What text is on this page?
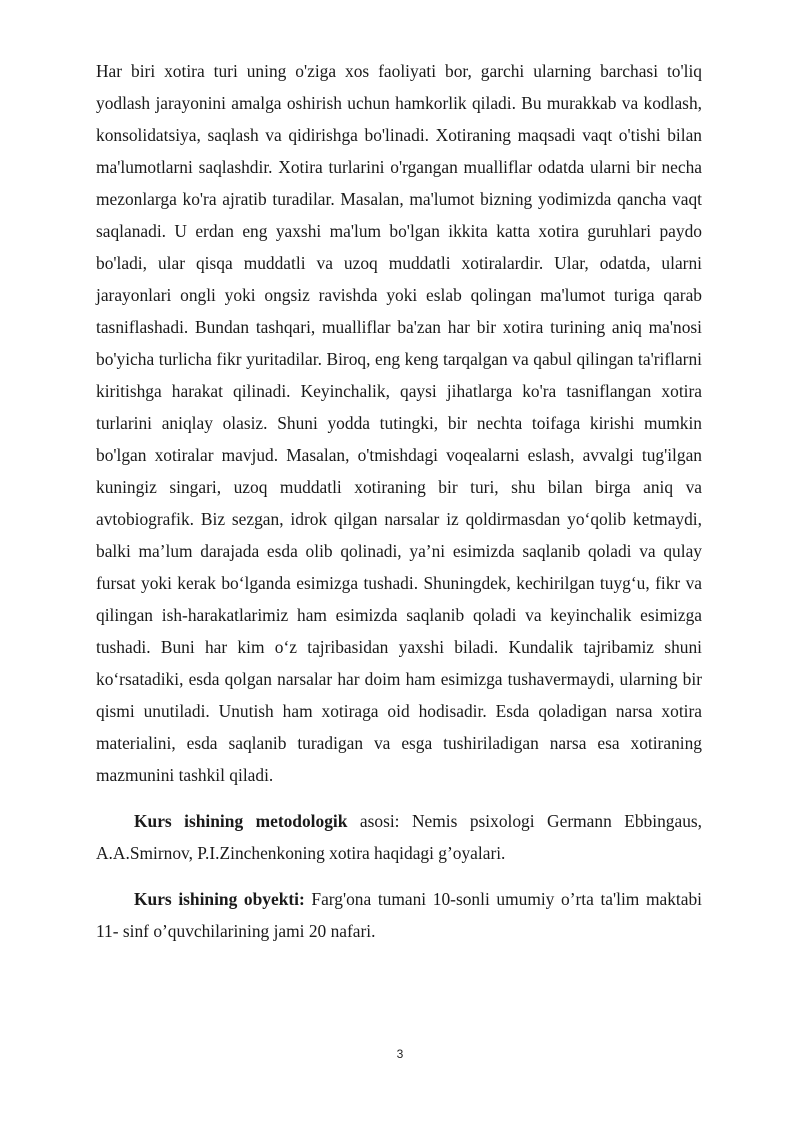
Har biri xotira turi uning o'ziga xos faoliyati bor, garchi ularning barchasi to'liq yodlash jarayonini amalga oshirish uchun hamkorlik qiladi. Bu murakkab va kodlash, konsolidatsiya, saqlash va qidirishga bo'linadi. Xotiraning maqsadi vaqt o'tishi bilan ma'lumotlarni saqlashdir. Xotira turlarini o'rgangan mualliflar odatda ularni bir necha mezonlarga ko'ra ajratib turadilar. Masalan, ma'lumot bizning yodimizda qancha vaqt saqlanadi. U erdan eng yaxshi ma'lum bo'lgan ikkita katta xotira guruhlari paydo bo'ladi, ular qisqa muddatli va uzoq muddatli xotiralardir. Ular, odatda, ularni jarayonlari ongli yoki ongsiz ravishda yoki eslab qolingan ma'lumot turiga qarab tasniflashadi. Bundan tashqari, mualliflar ba'zan har bir xotira turining aniq ma'nosi bo'yicha turlicha fikr yuritadilar. Biroq, eng keng tarqalgan va qabul qilingan ta'riflarni kiritishga harakat qilinadi. Keyinchalik, qaysi jihatlarga ko'ra tasniflangan xotira turlarini aniqlay olasiz. Shuni yodda tutingki, bir nechta toifaga kirishi mumkin bo'lgan xotiralar mavjud. Masalan, o'tmishdagi voqealarni eslash, avvalgi tug'ilgan kuningiz singari, uzoq muddatli xotiraning bir turi, shu bilan birga aniq va avtobiografik. Biz sezgan, idrok qilgan narsalar iz qoldirmasdan yo‘qolib ketmaydi, balki ma’lum darajada esda olib qolinadi, ya’ni esimizda saqlanib qoladi va qulay fursat yoki kerak bo‘lganda esimizga tushadi. Shuningdek, kechirilgan tuyg‘u, fikr va qilingan ish-harakatlarimiz ham esimizda saqlanib qoladi va keyinchalik esimizga tushadi. Buni har kim o‘z tajribasidan yaxshi biladi. Kundalik tajribamiz shuni ko‘rsatadiki, esda qolgan narsalar har doim ham esimizga tushavermaydi, ularning bir qismi unutiladi. Unutish ham xotiraga oid hodisadir. Esda qoladigan narsa xotira materialini, esda saqlanib turadigan va esga tushiriladigan narsa esa xotiraning mazmunini tashkil qiladi.

Kurs ishining metodologik asosi: Nemis psixologi Germann Ebbingaus, A.A.Smirnov, P.I.Zinchenkoning xotira haqidagi g’oyalari.

Kurs ishining obyekti: Farg'ona tumani 10-sonli umumiy o’rta ta'lim maktabi 11- sinf o’quvchilarining jami 20 nafari.

3
